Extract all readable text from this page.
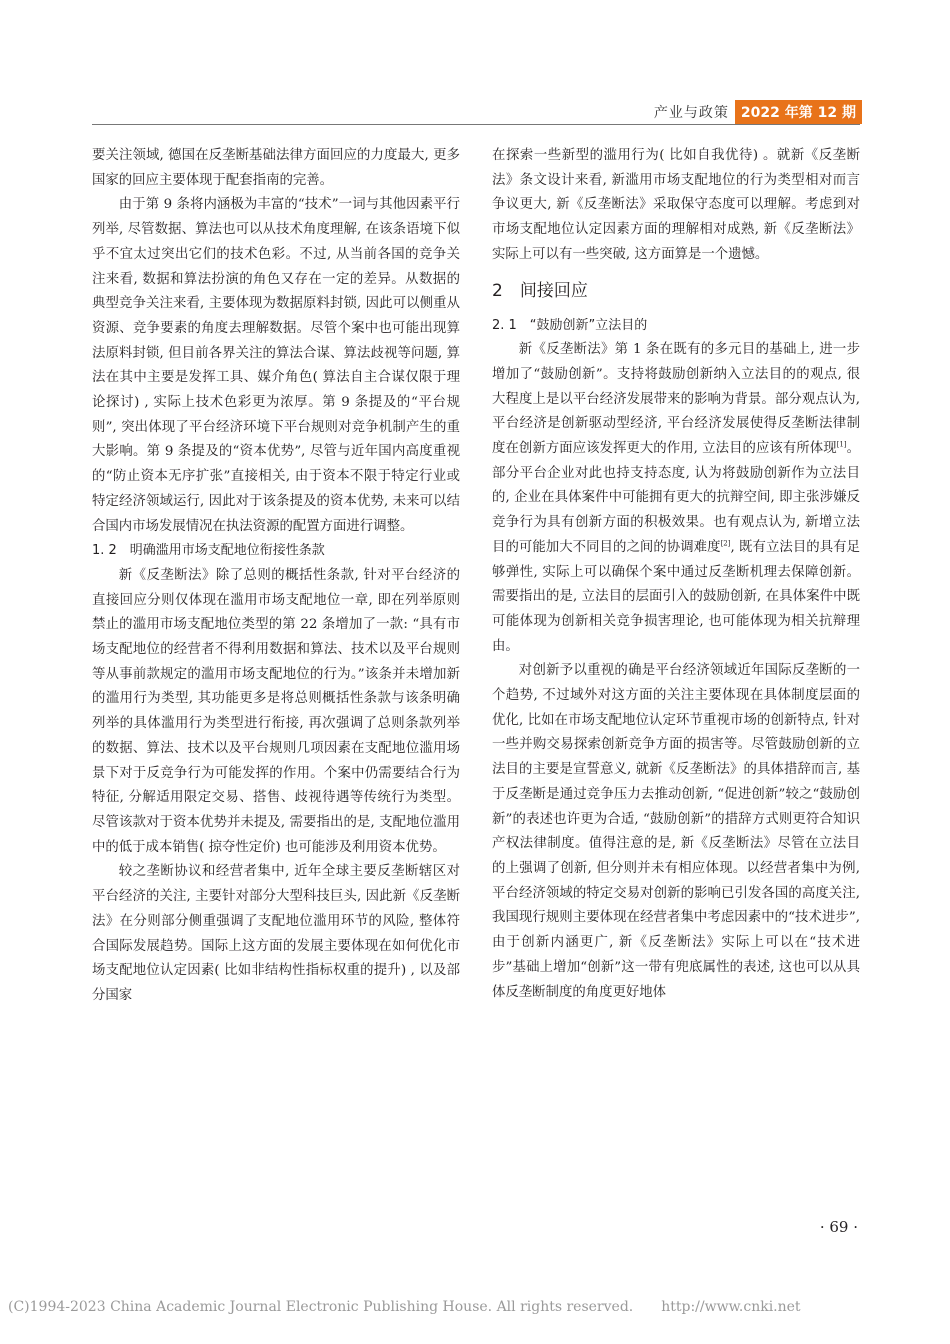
产业与政策 2022 年第 12 期

要关注领域, 德国在反垄断基础法律方面回应的力度最大, 更多国家的回应主要体现于配套指南的完善。

由于第 9 条将内涵极为丰富的“技术”一词与其他因素平行列举, 尽管数据、算法也可以从技术角度理解, 在该条语境下似乎不宜太过突出它们的技术色彩。不过, 从当前各国的竞争关注来看, 数据和算法扮演的角色又存在一定的差异。从数据的典型竞争关注来看, 主要体现为数据原料封锁, 因此可以侧重从资源、竞争要素的角度去理解数据。尽管个案中也可能出现算法原料封锁, 但目前各界关注的算法合谋、算法歧视等问题, 算法在其中主要是发挥工具、媒介角色( 算法自主合谋仅限于理论探讨) , 实际上技术色彩更为浓厚。第 9 条提及的“平台规则”, 突出体现了平台经济环境下平台规则对竞争机制产生的重大影响。第 9 条提及的“资本优势”, 尽管与近年国内高度重视的“防止资本无序扩张”直接相关, 由于资本不限于特定行业或特定经济领域运行, 因此对于该条提及的资本优势, 未来可以结合国内市场发展情况在执法资源的配置方面进行调整。

1. 2　明确滥用市场支配地位衔接性条款

新《反垄断法》除了总则的概括性条款, 针对平台经济的直接回应分则仅体现在滥用市场支配地位一章, 即在列举原则禁止的滥用市场支配地位类型的第 22 条增加了一款: “具有市场支配地位的经营者不得利用数据和算法、技术以及平台规则等从事前款规定的滥用市场支配地位的行为。”该条并未增加新的滥用行为类型, 其功能更多是将总则概括性条款与该条明确列举的具体滥用行为类型进行衔接, 再次强调了总则条款列举的数据、算法、技术以及平台规则几项因素在支配地位滥用场景下对于反竞争行为可能发挥的作用。个案中仍需要结合行为特征, 分解适用限定交易、搭售、歧视待遇等传统行为类型。尽管该款对于资本优势并未提及, 需要指出的是, 支配地位滥用中的低于成本销售( 掠夺性定价) 也可能涉及利用资本优势。

较之垄断协议和经营者集中, 近年全球主要反垄断辖区对平台经济的关注, 主要针对部分大型科技巨头, 因此新《反垄断法》在分则部分侧重强调了支配地位滥用环节的风险, 整体符合国际发展趋势。国际上这方面的发展主要体现在如何优化市场支配地位认定因素( 比如非结构性指标权重的提升) , 以及部分国家

在探索一些新型的滥用行为( 比如自我优待) 。就新《反垄断法》条文设计来看, 新滥用市场支配地位的行为类型相对而言争议更大, 新《反垄断法》采取保守态度可以理解。考虑到对市场支配地位认定因素方面的理解相对成熟, 新《反垄断法》实际上可以有一些突破, 这方面算是一个遗憾。

2　间接回应
2. 1　“鼓励创新”立法目的

新《反垄断法》第 1 条在既有的多元目的基础上, 进一步增加了“鼓励创新”。支持将鼓励创新纳入立法目的的观点, 很大程度上是以平台经济发展带来的影响为背景。部分观点认为, 平台经济是创新驱动型经济, 平台经济发展使得反垄断法律制度在创新方面应该发挥更大的作用, 立法目的应该有所体现[1]。部分平台企业对此也持支持态度, 认为将鼓励创新作为立法目的, 企业在具体案件中可能拥有更大的抗辩空间, 即主张涉嫌反竞争行为具有创新方面的积极效果。也有观点认为, 新增立法目的可能加大不同目的之间的协调难度[2], 既有立法目的具有足够弹性, 实际上可以确保个案中通过反垄断机理去保障创新。需要指出的是, 立法目的层面引入的鼓励创新, 在具体案件中既可能体现为创新相关竞争损害理论, 也可能体现为相关抗辩理由。

对创新予以重视的确是平台经济领域近年国际反垄断的一个趋势, 不过域外对这方面的关注主要体现在具体制度层面的优化, 比如在市场支配地位认定环节重视市场的创新特点, 针对一些并购交易探索创新竞争方面的损害等。尽管鼓励创新的立法目的主要是宣誓意义, 就新《反垄断法》的具体措辞而言, 基于反垄断是通过竞争压力去推动创新, “促进创新”较之“鼓励创新”的表述也许更为合适, “鼓励创新”的措辞方式则更符合知识产权法律制度。值得注意的是, 新《反垄断法》尽管在立法目的上强调了创新, 但分则并未有相应体现。以经营者集中为例, 平台经济领域的特定交易对创新的影响已引发各国的高度关注, 我国现行规则主要体现在经营者集中考虑因素中的“技术进步”, 由于创新内涵更广, 新《反垄断法》实际上可以在“技术进步”基础上增加“创新”这一带有兜底属性的表述, 这也可以从具体反垄断制度的角度更好地体

· 69 ·
(C)1994-2023 China Academic Journal Electronic Publishing House. All rights reserved.　　http://www.cnki.net
